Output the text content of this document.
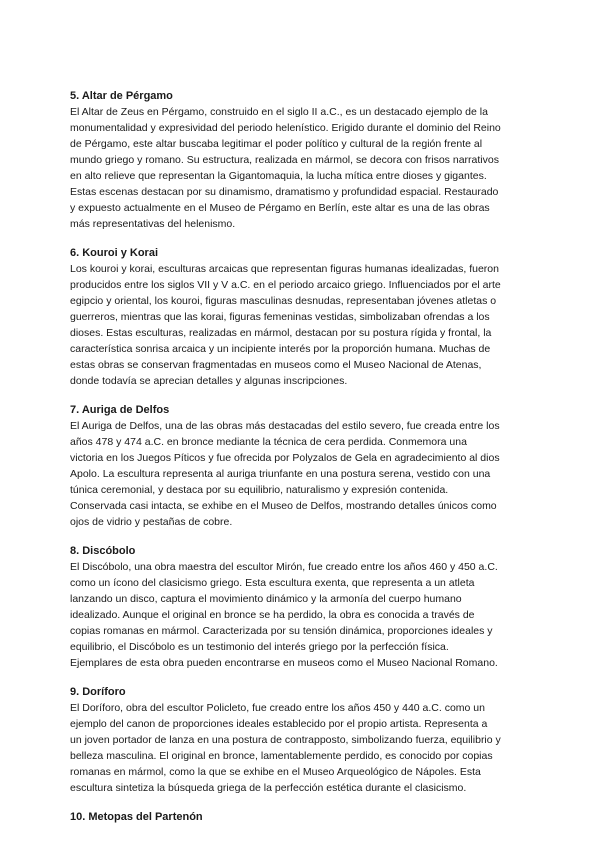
5. Altar de Pérgamo
El Altar de Zeus en Pérgamo, construido en el siglo II a.C., es un destacado ejemplo de la
monumentalidad y expresividad del periodo helenístico. Erigido durante el dominio del Reino
de Pérgamo, este altar buscaba legitimar el poder político y cultural de la región frente al
mundo griego y romano. Su estructura, realizada en mármol, se decora con frisos narrativos
en alto relieve que representan la Gigantomaquia, la lucha mítica entre dioses y gigantes.
Estas escenas destacan por su dinamismo, dramatismo y profundidad espacial. Restaurado
y expuesto actualmente en el Museo de Pérgamo en Berlín, este altar es una de las obras
más representativas del helenismo.
6. Kouroi y Korai
Los kouroi y korai, esculturas arcaicas que representan figuras humanas idealizadas, fueron
producidos entre los siglos VII y V a.C. en el periodo arcaico griego. Influenciados por el arte
egipcio y oriental, los kouroi, figuras masculinas desnudas, representaban jóvenes atletas o
guerreros, mientras que las korai, figuras femeninas vestidas, simbolizaban ofrendas a los
dioses. Estas esculturas, realizadas en mármol, destacan por su postura rígida y frontal, la
característica sonrisa arcaica y un incipiente interés por la proporción humana. Muchas de
estas obras se conservan fragmentadas en museos como el Museo Nacional de Atenas,
donde todavía se aprecian detalles y algunas inscripciones.
7. Auriga de Delfos
El Auriga de Delfos, una de las obras más destacadas del estilo severo, fue creada entre los
años 478 y 474 a.C. en bronce mediante la técnica de cera perdida. Conmemora una
victoria en los Juegos Píticos y fue ofrecida por Polyzalos de Gela en agradecimiento al dios
Apolo. La escultura representa al auriga triunfante en una postura serena, vestido con una
túnica ceremonial, y destaca por su equilibrio, naturalismo y expresión contenida.
Conservada casi intacta, se exhibe en el Museo de Delfos, mostrando detalles únicos como
ojos de vidrio y pestañas de cobre.
8. Discóbolo
El Discóbolo, una obra maestra del escultor Mirón, fue creado entre los años 460 y 450 a.C.
como un ícono del clasicismo griego. Esta escultura exenta, que representa a un atleta
lanzando un disco, captura el movimiento dinámico y la armonía del cuerpo humano
idealizado. Aunque el original en bronce se ha perdido, la obra es conocida a través de
copias romanas en mármol. Caracterizada por su tensión dinámica, proporciones ideales y
equilibrio, el Discóbolo es un testimonio del interés griego por la perfección física.
Ejemplares de esta obra pueden encontrarse en museos como el Museo Nacional Romano.
9. Doríforo
El Doríforo, obra del escultor Policleto, fue creado entre los años 450 y 440 a.C. como un
ejemplo del canon de proporciones ideales establecido por el propio artista. Representa a
un joven portador de lanza en una postura de contrapposto, simbolizando fuerza, equilibrio y
belleza masculina. El original en bronce, lamentablemente perdido, es conocido por copias
romanas en mármol, como la que se exhibe en el Museo Arqueológico de Nápoles. Esta
escultura sintetiza la búsqueda griega de la perfección estética durante el clasicismo.
10. Metopas del Partenón
